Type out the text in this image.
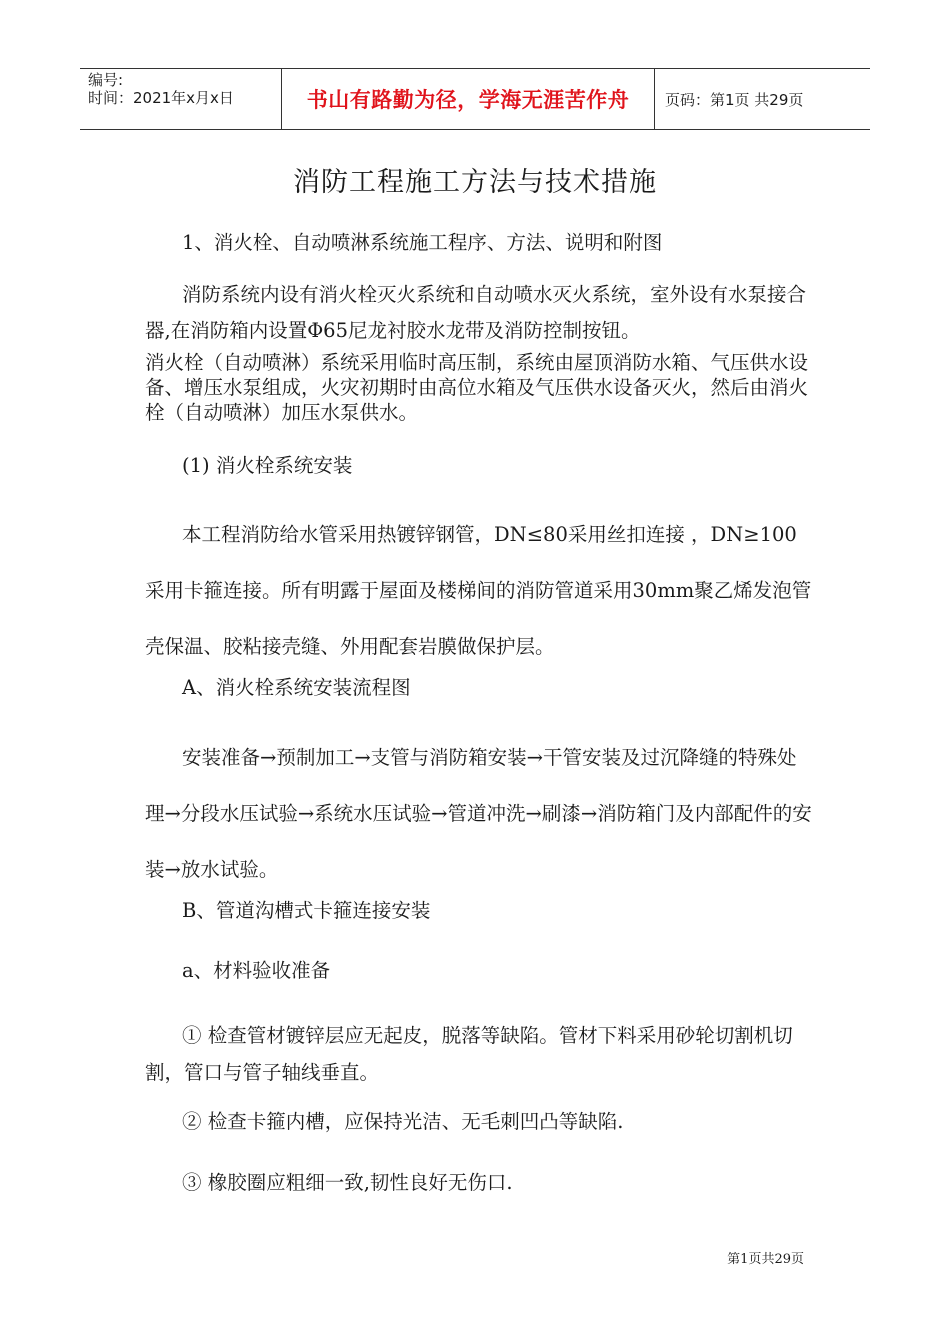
编号:
时间：2021年x月x日	书山有路勤为径，学海无涯苦作舟	页码：第1页 共29页
消防工程施工方法与技术措施

1、消火栓、自动喷淋系统施工程序、方法、说明和附图

消防系统内设有消火栓灭火系统和自动喷水灭火系统，室外设有水泵接合器,在消防箱内设置Φ65尼龙衬胶水龙带及消防控制按钮。

消火栓（自动喷淋）系统采用临时高压制，系统由屋顶消防水箱、气压供水设备、增压水泵组成，火灾初期时由高位水箱及气压供水设备灭火，然后由消火栓（自动喷淋）加压水泵供水。

(1) 消火栓系统安装

本工程消防给水管采用热镀锌钢管，DN≤80采用丝扣连接 ，DN≥100采用卡箍连接。所有明露于屋面及楼梯间的消防管道采用30mm聚乙烯发泡管壳保温、胶粘接壳缝、外用配套岩膜做保护层。

A、消火栓系统安装流程图

安装准备→预制加工→支管与消防箱安装→干管安装及过沉降缝的特殊处理→分段水压试验→系统水压试验→管道冲洗→刷漆→消防箱门及内部配件的安装→放水试验。

B、管道沟槽式卡箍连接安装

a、材料验收准备

① 检查管材镀锌层应无起皮，脱落等缺陷。管材下料采用砂轮切割机切割，管口与管子轴线垂直。

② 检查卡箍内槽，应保持光洁、无毛刺凹凸等缺陷.

③ 橡胶圈应粗细一致,韧性良好无伤口.

第1页共29页
